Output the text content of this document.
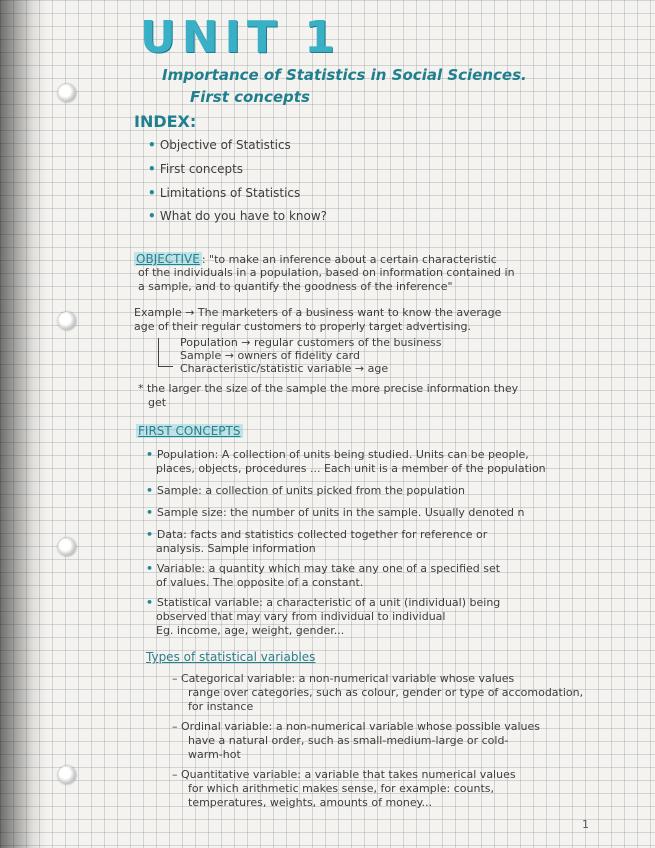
UNIT 1
Importance of Statistics in Social Sciences.
First concepts
INDEX:
• Objective of Statistics
• First concepts
• Limitations of Statistics
• What do you have to know?
OBJECTIVE : "to make an inference about a certain characteristic
of the individuals in a population, based on information contained in
a sample, and to quantify the goodness of the inference"
Example → The marketers of a business want to know the average
age of their regular customers to properly target advertising.
Population → regular customers of the business
Sample → owners of fidelity card
Characteristic/statistic variable → age
* the larger the size of the sample the more precise information they
get
FIRST CONCEPTS
• Population: A collection of units being studied. Units can be people,
places, objects, procedures ... Each unit is a member of the population
• Sample: a collection of units picked from the population
• Sample size: the number of units in the sample. Usually denoted n
• Data: facts and statistics collected together for reference or
analysis. Sample information
• Variable: a quantity which may take any one of a specified set
of values. The opposite of a constant.
• Statistical variable: a characteristic of a unit (individual) being
observed that may vary from individual to individual
Eg. income, age, weight, gender...
Types of statistical variables
– Categorical variable: a non-numerical variable whose values
range over categories, such as colour, gender or type of accomodation,
for instance
– Ordinal variable: a non-numerical variable whose possible values
have a natural order, such as small-medium-large or cold-
warm-hot
– Quantitative variable: a variable that takes numerical values
for which arithmetic makes sense, for example: counts,
temperatures, weights, amounts of money...
1
